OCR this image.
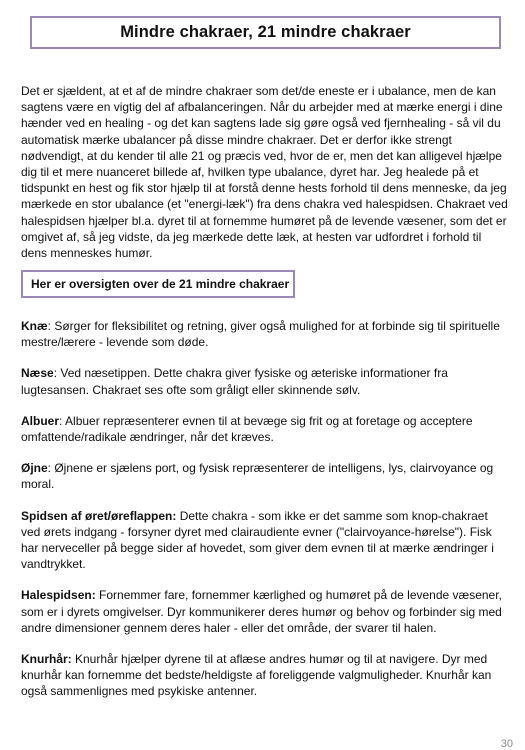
Mindre chakraer, 21 mindre chakraer

Det er sjældent, at et af de mindre chakraer som det/de eneste er i ubalance, men de kan sagtens være en vigtig del af afbalanceringen. Når du arbejder med at mærke energi i dine hænder ved en healing - og det kan sagtens lade sig gøre også ved fjernhealing - så vil du automatisk mærke ubalancer på disse mindre chakraer. Det er derfor ikke strengt nødvendigt, at du kender til alle 21 og præcis ved, hvor de er, men det kan alligevel hjælpe dig til et mere nuanceret billede af, hvilken type ubalance, dyret har. Jeg healede på et tidspunkt en hest og fik stor hjælp til at forstå denne hests forhold til dens menneske, da jeg mærkede en stor ubalance (et "energi-læk") fra dens chakra ved halespidsen. Chakraet ved halespidsen hjælper bl.a. dyret til at fornemme humøret på de levende væsener, som det er omgivet af, så jeg vidste, da jeg mærkede dette læk, at hesten var udfordret i forhold til dens menneskes humør.

Her er oversigten over de 21 mindre chakraer

Knæ: Sørger for fleksibilitet og retning, giver også mulighed for at forbinde sig til spirituelle mestre/lærere - levende som døde.

Næse: Ved næsetippen. Dette chakra giver fysiske og æteriske informationer fra lugtesansen. Chakraet ses ofte som gråligt eller skinnende sølv.

Albuer: Albuer repræsenterer evnen til at bevæge sig frit og at foretage og acceptere omfattende/radikale ændringer, når det kræves.

Øjne: Øjnene er sjælens port, og fysisk repræsenterer de intelligens, lys, clairvoyance og moral.

Spidsen af øret/øreflappen: Dette chakra - som ikke er det samme som knop-chakraet ved ørets indgang - forsyner dyret med clairaudiente evner ("clairvoyance-hørelse"). Fisk har nerveceller på begge sider af hovedet, som giver dem evnen til at mærke ændringer i vandtrykket.

Halespidsen: Fornemmer fare, fornemmer kærlighed og humøret på de levende væsener, som er i dyrets omgivelser. Dyr kommunikerer deres humør og behov og forbinder sig med andre dimensioner gennem deres haler - eller det område, der svarer til halen.

Knurhår: Knurhår hjælper dyrene til at aflæse andres humør og til at navigere. Dyr med knurhår kan fornemme det bedste/heldigste af foreliggende valgmuligheder. Knurhår kan også sammenlignes med psykiske antenner.

30
